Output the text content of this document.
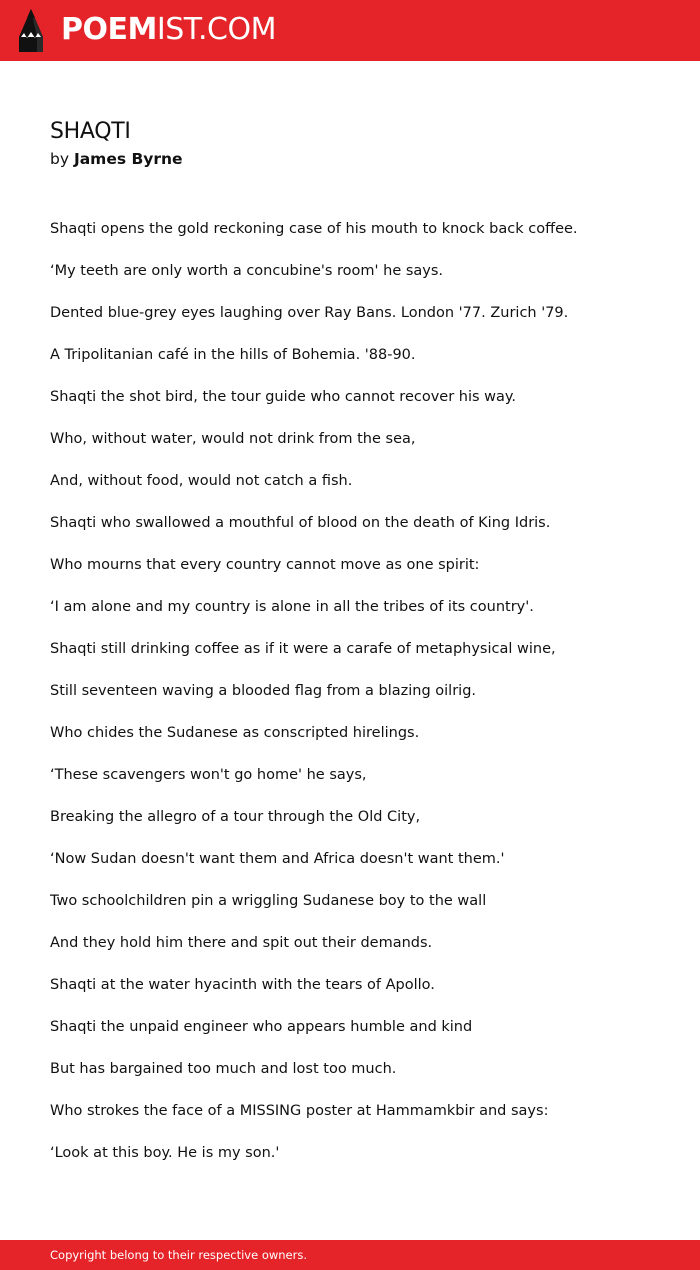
POEMIST.COM
SHAQTI
by James Byrne
Shaqti opens the gold reckoning case of his mouth to knock back coffee.
‘My teeth are only worth a concubine's room' he says.
Dented blue-grey eyes laughing over Ray Bans. London '77. Zurich '79.
A Tripolitanian café in the hills of Bohemia. '88-90.
Shaqti the shot bird, the tour guide who cannot recover his way.
Who, without water, would not drink from the sea,
And, without food, would not catch a fish.
Shaqti who swallowed a mouthful of blood on the death of King Idris.
Who mourns that every country cannot move as one spirit:
‘I am alone and my country is alone in all the tribes of its country'.
Shaqti still drinking coffee as if it were a carafe of metaphysical wine,
Still seventeen waving a blooded flag from a blazing oilrig.
Who chides the Sudanese as conscripted hirelings.
‘These scavengers won't go home' he says,
Breaking the allegro of a tour through the Old City,
‘Now Sudan doesn't want them and Africa doesn't want them.'
Two schoolchildren pin a wriggling Sudanese boy to the wall
And they hold him there and spit out their demands.
Shaqti at the water hyacinth with the tears of Apollo.
Shaqti the unpaid engineer who appears humble and kind
But has bargained too much and lost too much.
Who strokes the face of a MISSING poster at Hammamkbir and says:
‘Look at this boy. He is my son.'
Copyright belong to their respective owners.
